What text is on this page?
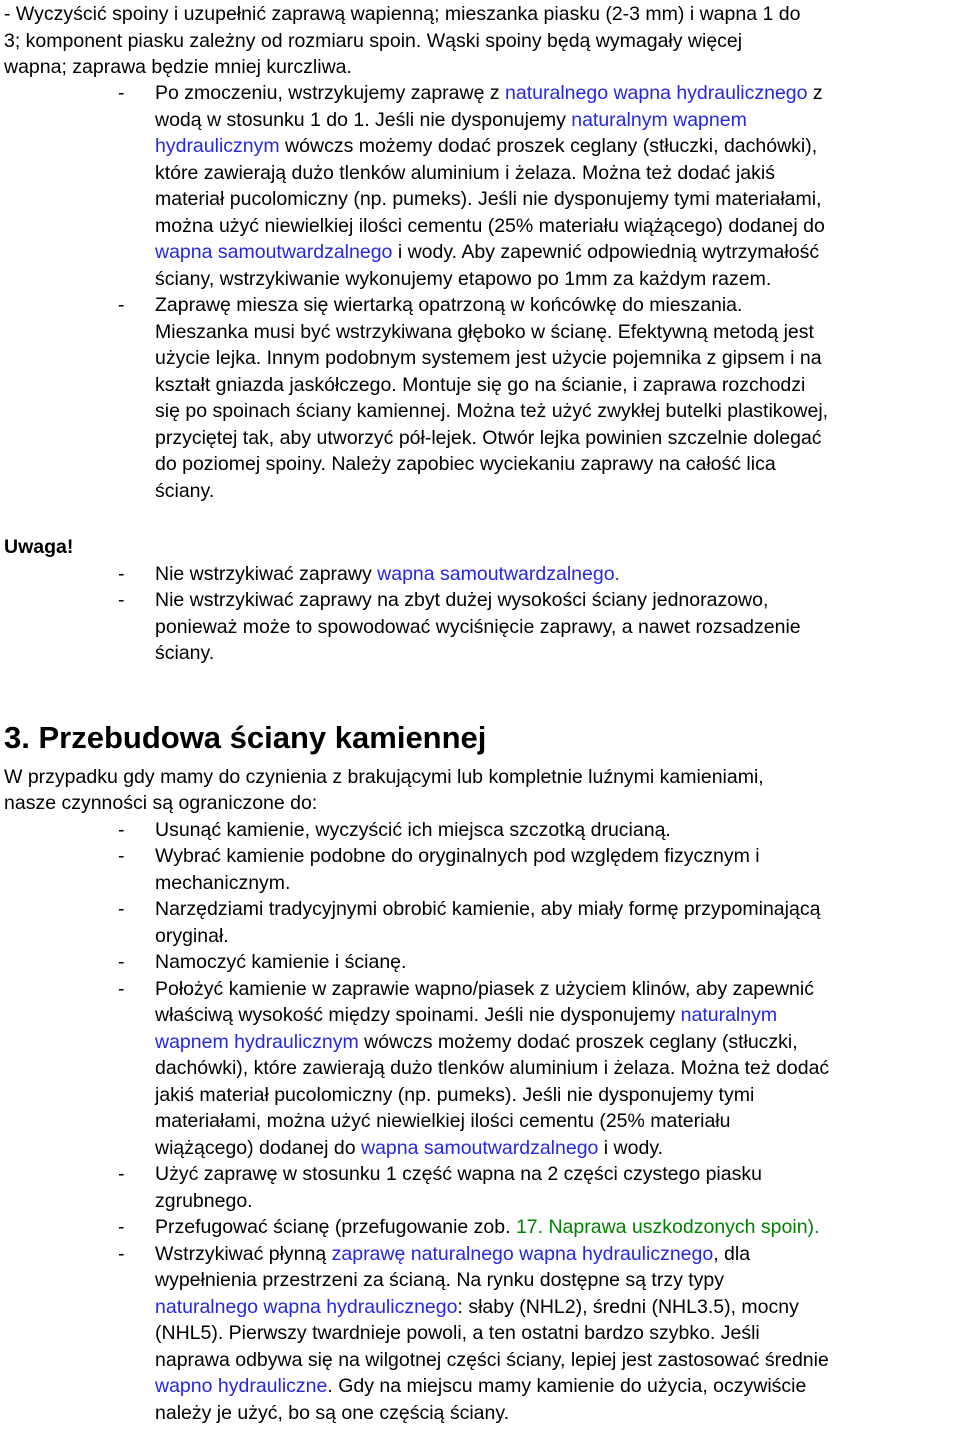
- Wyczyścić spoiny i uzupełnić zaprawą wapienną; mieszanka piasku (2-3 mm) i wapna 1 do
3; komponent piasku zależny od rozmiaru spoin. Wąski spoiny będą wymagały więcej
wapna; zaprawa będzie mniej kurczliwa.
- Po zmoczeniu, wstrzykujemy zaprawę z naturalnego wapna hydraulicznego z
wodą w stosunku 1 do 1. Jeśli nie dysponujemy naturalnym wapnem
hydraulicznym wówczs możemy dodać proszek ceglany (stłuczki, dachówki),
które zawierają dużo tlenków aluminium i żelaza. Można też dodać jakiś
materiał pucolomiczny (np. pumeks). Jeśli nie dysponujemy tymi materiałami,
można użyć niewielkiej ilości cementu (25% materiału wiążącego) dodanej do
wapna samoutwardzalnego i wody. Aby zapewnić odpowiednią wytrzymałość
ściany, wstrzykiwanie wykonujemy etapowo po 1mm za każdym razem.
- Zaprawę miesza się wiertarką opatrzoną w końcówkę do mieszania.
Mieszanka musi być wstrzykiwana głęboko w ścianę. Efektywną metodą jest
użycie lejka. Innym podobnym systemem jest użycie pojemnika z gipsem i na
kształt gniazda jaskółczego. Montuje się go na ścianie, i zaprawa rozchodzi
się po spoinach ściany kamiennej. Można też użyć zwykłej butelki plastikowej,
przyciętej tak, aby utworzyć pół-lejek. Otwór lejka powinien szczelnie dolegać
do poziomej spoiny. Należy zapobiec wyciekaniu zaprawy na całość lica
ściany.
Uwaga!
- Nie wstrzykiwać zaprawy wapna samoutwardzalnego.
- Nie wstrzykiwać zaprawy na zbyt dużej wysokości ściany jednorazowo,
ponieważ może to spowodować wyciśnięcie zaprawy, a nawet rozsadzenie
ściany.
3. Przebudowa ściany kamiennej
W przypadku gdy mamy do czynienia z brakującymi lub kompletnie luźnymi kamieniami,
nasze czynności są ograniczone do:
- Usunąć kamienie, wyczyścić ich miejsca szczotką drucianą.
- Wybrać kamienie podobne do oryginalnych pod względem fizycznym i
mechanicznym.
- Narzędziami tradycyjnymi obrobić kamienie, aby miały formę przypominającą
oryginał.
- Namoczyć kamienie i ścianę.
- Położyć kamienie w zaprawie wapno/piasek z użyciem klinów, aby zapewnić
właściwą wysokość między spoinami. Jeśli nie dysponujemy naturalnym
wapnem hydraulicznym wówczs możemy dodać proszek ceglany (stłuczki,
dachówki), które zawierają dużo tlenków aluminium i żelaza. Można też dodać
jakiś materiał pucolomiczny (np. pumeks). Jeśli nie dysponujemy tymi
materiałami, można użyć niewielkiej ilości cementu (25% materiału
wiążącego) dodanej do wapna samoutwardzalnego i wody.
- Użyć zaprawę w stosunku 1 część wapna na 2 części czystego piasku
zgrubnego.
- Przefugować ścianę (przefugowanie zob. 17. Naprawa uszkodzonych spoin).
- Wstrzykiwać płynną zaprawę naturalnego wapna hydraulicznego, dla
wypełnienia przestrzeni za ścianą. Na rynku dostępne są trzy typy
naturalnego wapna hydraulicznego: słaby (NHL2), średni (NHL3.5), mocny
(NHL5). Pierwszy twardnieje powoli, a ten ostatni bardzo szybko. Jeśli
naprawa odbywa się na wilgotnej części ściany, lepiej jest zastosować średnie
wapno hydrauliczne. Gdy na miejscu mamy kamienie do użycia, oczywiście
należy je użyć, bo są one częścią ściany.
